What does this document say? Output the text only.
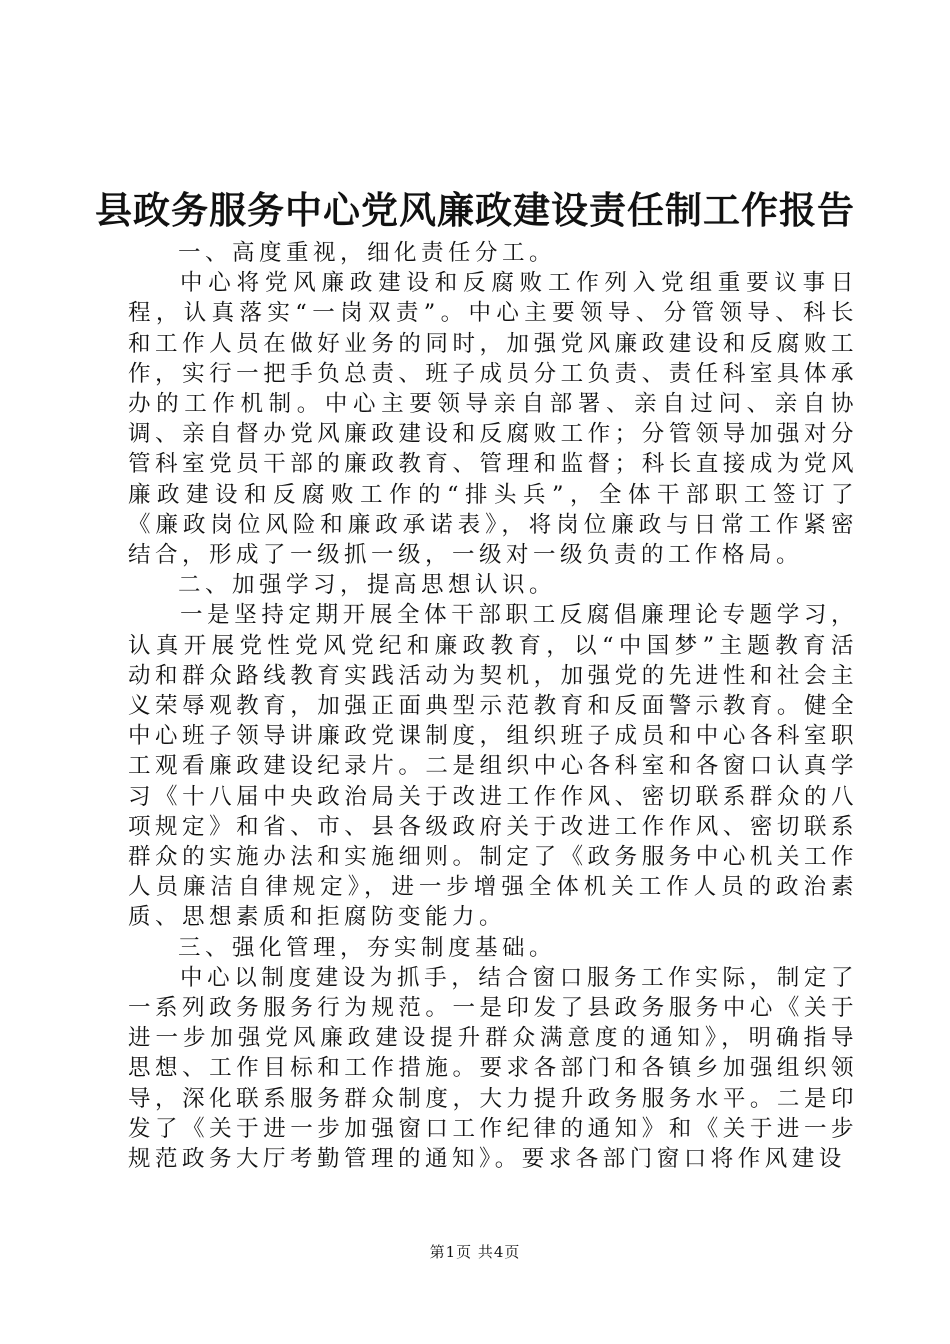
县政务服务中心党风廉政建设责任制工作报告

一、高度重视，细化责任分工。

中心将党风廉政建设和反腐败工作列入党组重要议事日程，认真落实“一岗双责”。中心主要领导、分管领导、科长和工作人员在做好业务的同时，加强党风廉政建设和反腐败工作，实行一把手负总责、班子成员分工负责、责任科室具体承办的工作机制。中心主要领导亲自部署、亲自过问、亲自协调、亲自督办党风廉政建设和反腐败工作；分管领导加强对分管科室党员干部的廉政教育、管理和监督；科长直接成为党风廉政建设和反腐败工作的“排头兵”，全体干部职工签订了《廉政岗位风险和廉政承诺表》，将岗位廉政与日常工作紧密结合，形成了一级抓一级，一级对一级负责的工作格局。

二、加强学习，提高思想认识。

一是坚持定期开展全体干部职工反腐倡廉理论专题学习，认真开展党性党风党纪和廉政教育，以“中国梦”主题教育活动和群众路线教育实践活动为契机，加强党的先进性和社会主义荣辱观教育，加强正面典型示范教育和反面警示教育。健全中心班子领导讲廉政党课制度，组织班子成员和中心各科室职工观看廉政建设纪录片。二是组织中心各科室和各窗口认真学习《十八届中央政治局关于改进工作作风、密切联系群众的八项规定》和省、市、县各级政府关于改进工作作风、密切联系群众的实施办法和实施细则。制定了《政务服务中心机关工作人员廉洁自律规定》，进一步增强全体机关工作人员的政治素质、思想素质和拒腐防变能力。

三、强化管理，夯实制度基础。

中心以制度建设为抓手，结合窗口服务工作实际，制定了一系列政务服务行为规范。一是印发了县政务服务中心《关于进一步加强党风廉政建设提升群众满意度的通知》，明确指导思想、工作目标和工作措施。要求各部门和各镇乡加强组织领导，深化联系服务群众制度，大力提升政务服务水平。二是印发了《关于进一步加强窗口工作纪律的通知》和《关于进一步规范政务大厅考勤管理的通知》。要求各部门窗口将作风建设

第1页 共4页
